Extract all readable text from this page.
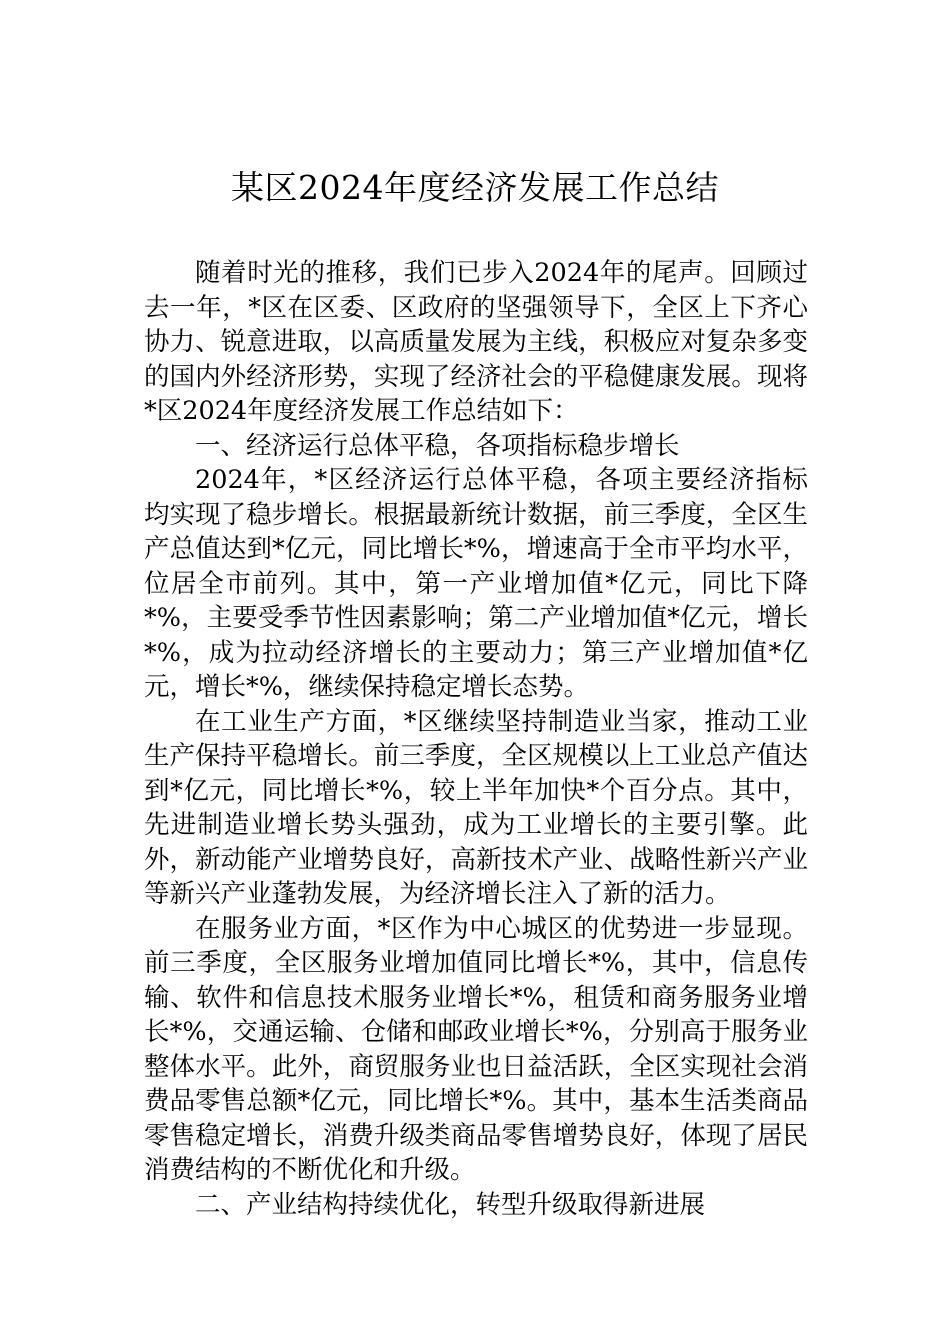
某区2024年度经济发展工作总结

随着时光的推移，我们已步入2024年的尾声。回顾过去一年，*区在区委、区政府的坚强领导下，全区上下齐心协力、锐意进取，以高质量发展为主线，积极应对复杂多变的国内外经济形势，实现了经济社会的平稳健康发展。现将*区2024年度经济发展工作总结如下：

一、经济运行总体平稳，各项指标稳步增长

2024年，*区经济运行总体平稳，各项主要经济指标均实现了稳步增长。根据最新统计数据，前三季度，全区生产总值达到*亿元，同比增长*%，增速高于全市平均水平，位居全市前列。其中，第一产业增加值*亿元，同比下降*%，主要受季节性因素影响；第二产业增加值*亿元，增长*%，成为拉动经济增长的主要动力；第三产业增加值*亿元，增长*%，继续保持稳定增长态势。

在工业生产方面，*区继续坚持制造业当家，推动工业生产保持平稳增长。前三季度，全区规模以上工业总产值达到*亿元，同比增长*%，较上半年加快*个百分点。其中，先进制造业增长势头强劲，成为工业增长的主要引擎。此外，新动能产业增势良好，高新技术产业、战略性新兴产业等新兴产业蓬勃发展，为经济增长注入了新的活力。

在服务业方面，*区作为中心城区的优势进一步显现。前三季度，全区服务业增加值同比增长*%，其中，信息传输、软件和信息技术服务业增长*%，租赁和商务服务业增长*%，交通运输、仓储和邮政业增长*%，分别高于服务业整体水平。此外，商贸服务业也日益活跃，全区实现社会消费品零售总额*亿元，同比增长*%。其中，基本生活类商品零售稳定增长，消费升级类商品零售增势良好，体现了居民消费结构的不断优化和升级。

二、产业结构持续优化，转型升级取得新进展
